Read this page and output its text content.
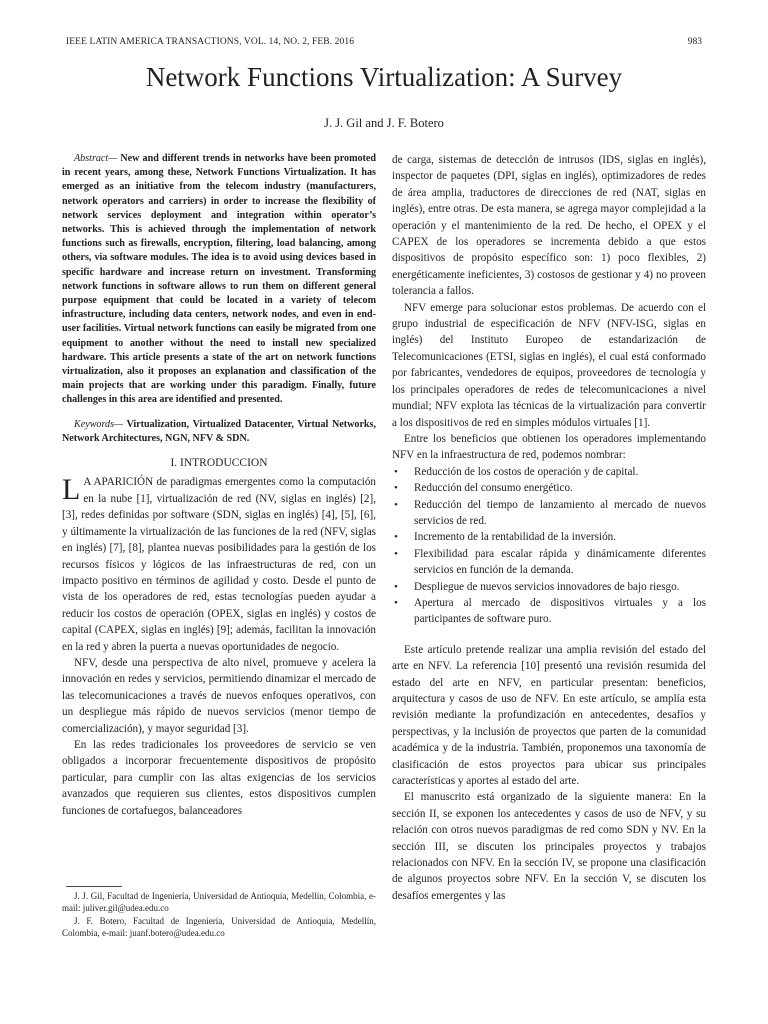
IEEE LATIN AMERICA TRANSACTIONS, VOL. 14, NO. 2, FEB. 2016	983
Network Functions Virtualization: A Survey
J. J. Gil and J. F. Botero

Abstract— New and different trends in networks have been promoted in recent years, among these, Network Functions Virtualization. It has emerged as an initiative from the telecom industry (manufacturers, network operators and carriers) in order to increase the flexibility of network services deployment and integration within operator’s networks. This is achieved through the implementation of network functions such as firewalls, encryption, filtering, load balancing, among others, via software modules. The idea is to avoid using devices based in specific hardware and increase return on investment. Transforming network functions in software allows to run them on different general purpose equipment that could be located in a variety of telecom infrastructure, including data centers, network nodes, and even in end-user facilities. Virtual network functions can easily be migrated from one equipment to another without the need to install new specialized hardware. This article presents a state of the art on network functions virtualization, also it proposes an explanation and classification of the main projects that are working under this paradigm. Finally, future challenges in this area are identified and presented.

Keywords— Virtualization, Virtualized Datacenter, Virtual Networks, Network Architectures, NGN, NFV & SDN.

I. INTRODUCCION

L A APARICIÓN de paradigmas emergentes como la computación en la nube [1], virtualización de red (NV, siglas en inglés) [2], [3], redes definidas por software (SDN, siglas en inglés) [4], [5], [6], y últimamente la virtualización de las funciones de la red (NFV, siglas en inglés) [7], [8], plantea nuevas posibilidades para la gestión de los recursos físicos y lógicos de las infraestructuras de red, con un impacto positivo en términos de agilidad y costo. Desde el punto de vista de los operadores de red, estas tecnologías pueden ayudar a reducir los costos de operación (OPEX, siglas en inglés) y costos de capital (CAPEX, siglas en inglés) [9]; además, facilitan la innovación en la red y abren la puerta a nuevas oportunidades de negocio.

NFV, desde una perspectiva de alto nivel, promueve y acelera la innovación en redes y servicios, permitiendo dinamizar el mercado de las telecomunicaciones a través de nuevos enfoques operativos, con un despliegue más rápido de nuevos servicios (menor tiempo de comercialización), y mayor seguridad [3].

En las redes tradicionales los proveedores de servicio se ven obligados a incorporar frecuentemente dispositivos de propósito particular, para cumplir con las altas exigencias de los servicios avanzados que requieren sus clientes, estos dispositivos cumplen funciones de cortafuegos, balanceadores

de carga, sistemas de detección de intrusos (IDS, siglas en inglés), inspector de paquetes (DPI, siglas en inglés), optimizadores de redes de área amplia, traductores de direcciones de red (NAT, siglas en inglés), entre otras. De esta manera, se agrega mayor complejidad a la operación y el mantenimiento de la red. De hecho, el OPEX y el CAPEX de los operadores se incrementa debido a que estos dispositivos de propósito específico son: 1) poco flexibles, 2) energéticamente ineficientes, 3) costosos de gestionar y 4) no proveen tolerancia a fallos.

NFV emerge para solucionar estos problemas. De acuerdo con el grupo industrial de especificación de NFV (NFV-ISG, siglas en inglés) del Instituto Europeo de estandarización de Telecomunicaciones (ETSI, siglas en inglés), el cual está conformado por fabricantes, vendedores de equipos, proveedores de tecnología y los principales operadores de redes de telecomunicaciones a nivel mundial; NFV explota las técnicas de la virtualización para convertir a los dispositivos de red en simples módulos virtuales [1].

Entre los beneficios que obtienen los operadores implementando NFV en la infraestructura de red, podemos nombrar:

• Reducción de los costos de operación y de capital.
• Reducción del consumo energético.
• Reducción del tiempo de lanzamiento al mercado de nuevos servicios de red.
• Incremento de la rentabilidad de la inversión.
• Flexibilidad para escalar rápida y dinámicamente diferentes servicios en función de la demanda.
• Despliegue de nuevos servicios innovadores de bajo riesgo.
• Apertura al mercado de dispositivos virtuales y a los participantes de software puro.

Este artículo pretende realizar una amplia revisión del estado del arte en NFV. La referencia [10] presentó una revisión resumida del estado del arte en NFV, en particular presentan: beneficios, arquitectura y casos de uso de NFV. En este artículo, se amplía esta revisión mediante la profundización en antecedentes, desafíos y perspectivas, y la inclusión de proyectos que parten de la comunidad académica y de la industria. También, proponemos una taxonomía de clasificación de estos proyectos para ubicar sus principales características y aportes al estado del arte.

El manuscrito está organizado de la siguiente manera: En la sección II, se exponen los antecedentes y casos de uso de NFV, y su relación con otros nuevos paradigmas de red como SDN y NV. En la sección III, se discuten los principales proyectos y trabajos relacionados con NFV. En la sección IV, se propone una clasificación de algunos proyectos sobre NFV. En la sección V, se discuten los desafíos emergentes y las

J. J. Gil, Facultad de Ingeniería, Universidad de Antioquia, Medellín, Colombia, e-mail: juliver.gil@udea.edu.co

J. F. Botero, Facultad de Ingeniería, Universidad de Antioquia, Medellín, Colombia, e-mail: juanf.botero@udea.edu.co
